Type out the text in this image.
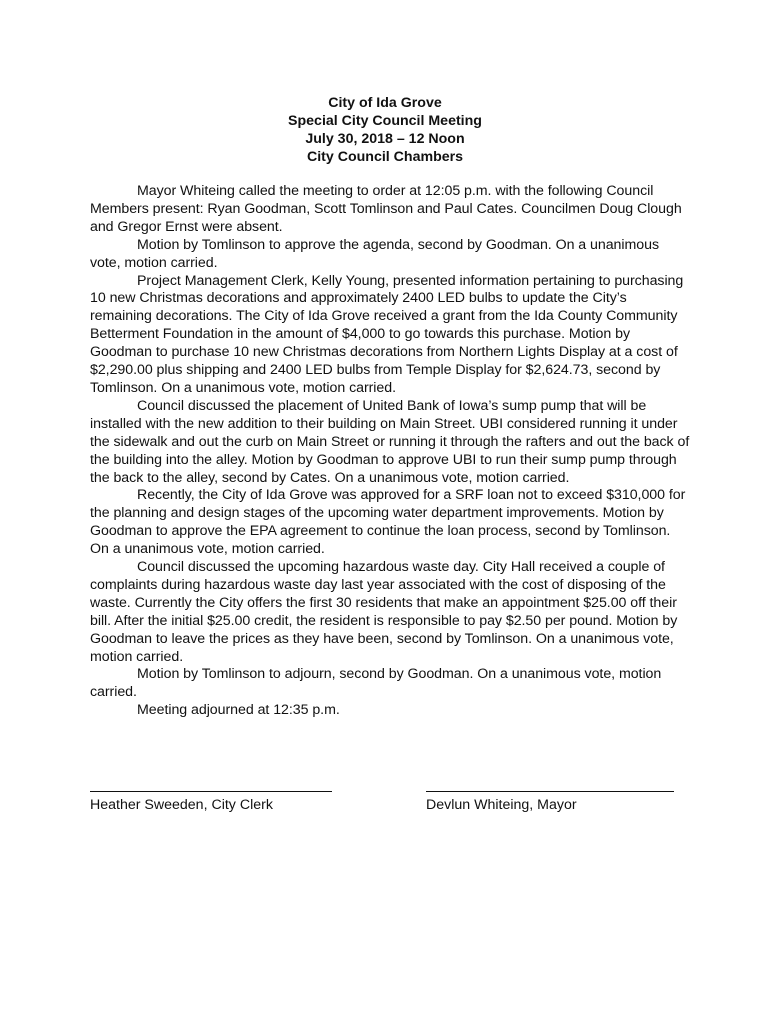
City of Ida Grove
Special City Council Meeting
July 30, 2018 – 12 Noon
City Council Chambers

Mayor Whiteing called the meeting to order at 12:05 p.m. with the following Council Members present: Ryan Goodman, Scott Tomlinson and Paul Cates. Councilmen Doug Clough and Gregor Ernst were absent.

Motion by Tomlinson to approve the agenda, second by Goodman. On a unanimous vote, motion carried.

Project Management Clerk, Kelly Young, presented information pertaining to purchasing 10 new Christmas decorations and approximately 2400 LED bulbs to update the City’s remaining decorations. The City of Ida Grove received a grant from the Ida County Community Betterment Foundation in the amount of $4,000 to go towards this purchase. Motion by Goodman to purchase 10 new Christmas decorations from Northern Lights Display at a cost of $2,290.00 plus shipping and 2400 LED bulbs from Temple Display for $2,624.73, second by Tomlinson. On a unanimous vote, motion carried.

Council discussed the placement of United Bank of Iowa’s sump pump that will be installed with the new addition to their building on Main Street. UBI considered running it under the sidewalk and out the curb on Main Street or running it through the rafters and out the back of the building into the alley. Motion by Goodman to approve UBI to run their sump pump through the back to the alley, second by Cates. On a unanimous vote, motion carried.

Recently, the City of Ida Grove was approved for a SRF loan not to exceed $310,000 for the planning and design stages of the upcoming water department improvements. Motion by Goodman to approve the EPA agreement to continue the loan process, second by Tomlinson. On a unanimous vote, motion carried.

Council discussed the upcoming hazardous waste day. City Hall received a couple of complaints during hazardous waste day last year associated with the cost of disposing of the waste. Currently the City offers the first 30 residents that make an appointment $25.00 off their bill. After the initial $25.00 credit, the resident is responsible to pay $2.50 per pound. Motion by Goodman to leave the prices as they have been, second by Tomlinson. On a unanimous vote, motion carried.

Motion by Tomlinson to adjourn, second by Goodman. On a unanimous vote, motion carried.

Meeting adjourned at 12:35 p.m.

Heather Sweeden, City Clerk	Devlun Whiteing, Mayor
